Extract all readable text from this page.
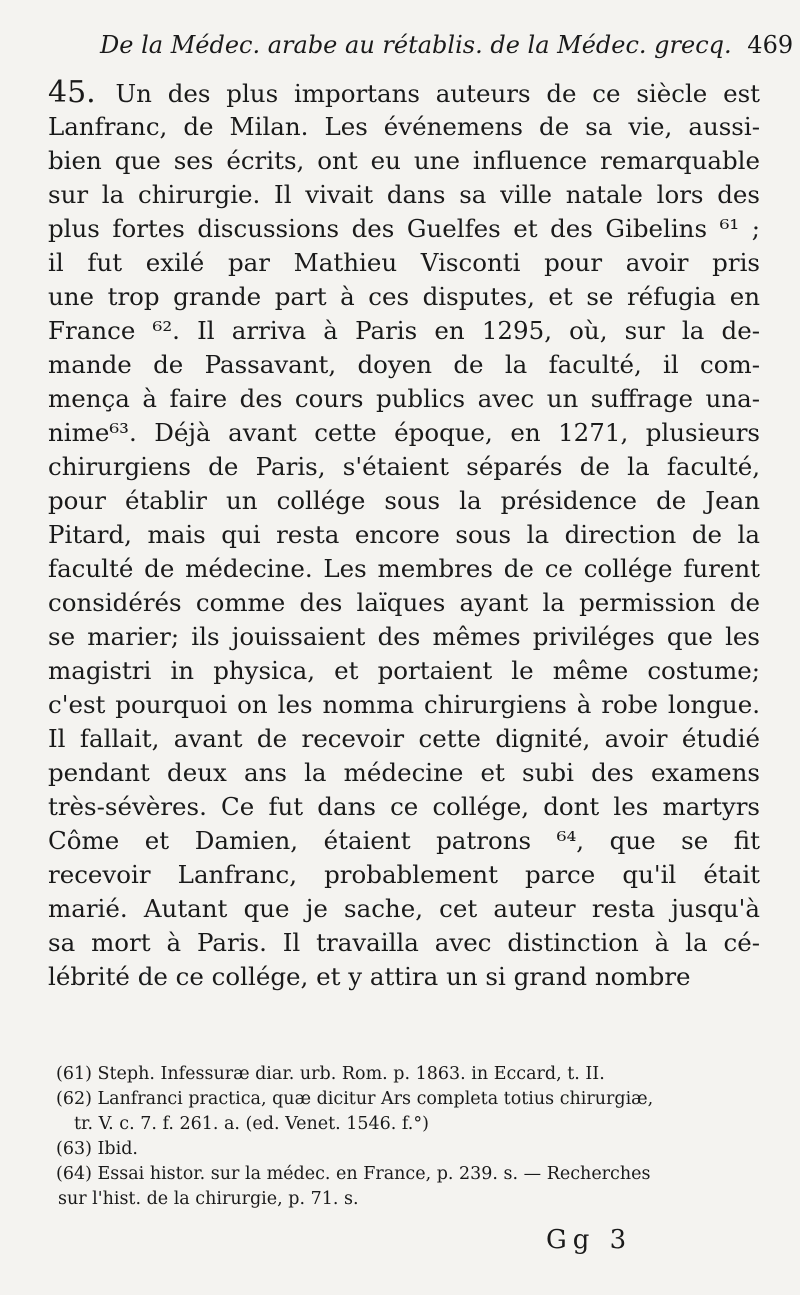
De la Médec. arabe au rétablis. de la Médec. grecq. 469
45. Un des plus importans auteurs de ce siècle est
Lanfranc, de Milan. Les événemens de sa vie, aussi-
bien que ses écrits, ont eu une influence remarquable
sur la chirurgie. Il vivait dans sa ville natale lors des
plus fortes discussions des Guelfes et des Gibelins ⁶¹ ;
il fut exilé par Mathieu Visconti pour avoir pris
une trop grande part à ces disputes, et se réfugia en
France ⁶². Il arriva à Paris en 1295, où, sur la de-
mande de Passavant, doyen de la faculté, il com-
mença à faire des cours publics avec un suffrage una-
nime⁶³. Déjà avant cette époque, en 1271, plusieurs
chirurgiens de Paris, s'étaient séparés de la faculté,
pour établir un collége sous la présidence de Jean
Pitard, mais qui resta encore sous la direction de la
faculté de médecine. Les membres de ce collége furent
considérés comme des laïques ayant la permission de
se marier; ils jouissaient des mêmes priviléges que les
magistri in physica, et portaient le même costume;
c'est pourquoi on les nomma chirurgiens à robe longue.
Il fallait, avant de recevoir cette dignité, avoir étudié
pendant deux ans la médecine et subi des examens
très-sévères. Ce fut dans ce collége, dont les martyrs
Côme et Damien, étaient patrons ⁶⁴, que se fit
recevoir Lanfranc, probablement parce qu'il était
marié. Autant que je sache, cet auteur resta jusqu'à
sa mort à Paris. Il travailla avec distinction à la cé-
lébrité de ce collége, et y attira un si grand nombre
(61) Steph. Infessuræ diar. urb. Rom. p. 1863. in Eccard, t. II.
(62) Lanfranci practica, quæ dicitur Ars completa totius chirurgiæ,
tr. V. c. 7. f. 261. a. (ed. Venet. 1546. f.°)
(63) Ibid.
(64) Essai histor. sur la médec. en France, p. 239. s. — Recherches
sur l'hist. de la chirurgie, p. 71. s.
Gg 3
